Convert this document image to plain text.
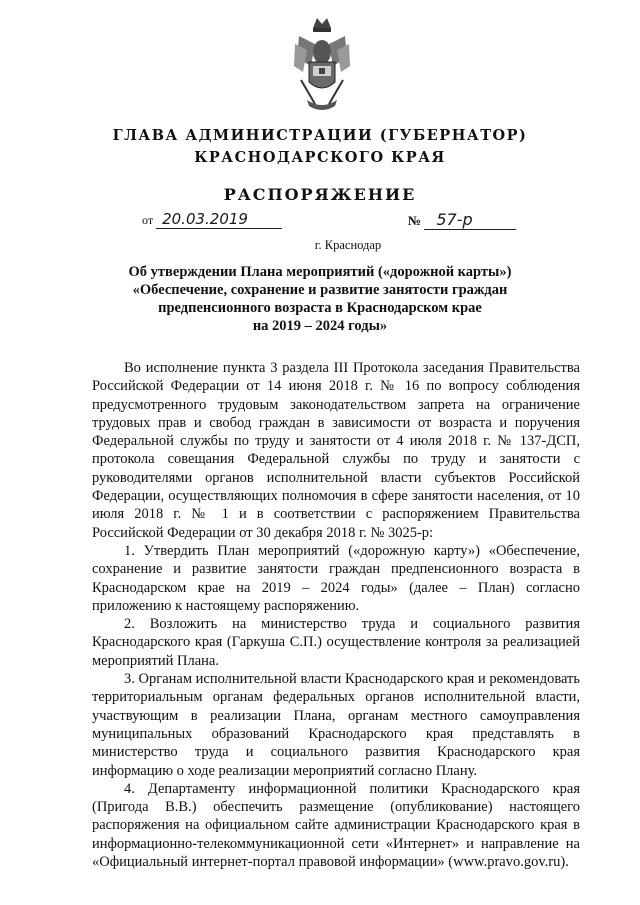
ГЛАВА АДМИНИСТРАЦИИ (ГУБЕРНАТОР)
КРАСНОДАРСКОГО КРАЯ
РАСПОРЯЖЕНИЕ
от 20.03.2019	№ 57-р
г. Краснодар
Об утверждении Плана мероприятий («дорожной карты»)
«Обеспечение, сохранение и развитие занятости граждан
предпенсионного возраста в Краснодарском крае
на 2019 – 2024 годы»

Во исполнение пункта 3 раздела III Протокола заседания Правительства Российской Федерации от 14 июня 2018 г. № 16 по вопросу соблюдения предусмотренного трудовым законодательством запрета на ограничение трудовых прав и свобод граждан в зависимости от возраста и поручения Федеральной службы по труду и занятости от 4 июля 2018 г. № 137-ДСП, протокола совещания Федеральной службы по труду и занятости с руководителями органов исполнительной власти субъектов Российской Федерации, осуществляющих полномочия в сфере занятости населения, от 10 июля 2018 г. № 1 и в соответствии с распоряжением Правительства Российской Федерации от 30 декабря 2018 г. № 3025-р:

1. Утвердить План мероприятий («дорожную карту») «Обеспечение, сохранение и развитие занятости граждан предпенсионного возраста в Краснодарском крае на 2019 – 2024 годы» (далее – План) согласно приложению к настоящему распоряжению.

2. Возложить на министерство труда и социального развития Краснодарского края (Гаркуша С.П.) осуществление контроля за реализацией мероприятий Плана.

3. Органам исполнительной власти Краснодарского края и рекомендовать территориальным органам федеральных органов исполнительной власти, участвующим в реализации Плана, органам местного самоуправления муниципальных образований Краснодарского края представлять в министерство труда и социального развития Краснодарского края информацию о ходе реализации мероприятий согласно Плану.

4. Департаменту информационной политики Краснодарского края (Пригода В.В.) обеспечить размещение (опубликование) настоящего распоряжения на официальном сайте администрации Краснодарского края в информационно-телекоммуникационной сети «Интернет» и направление на «Официальный интернет-портал правовой информации» (www.pravo.gov.ru).
